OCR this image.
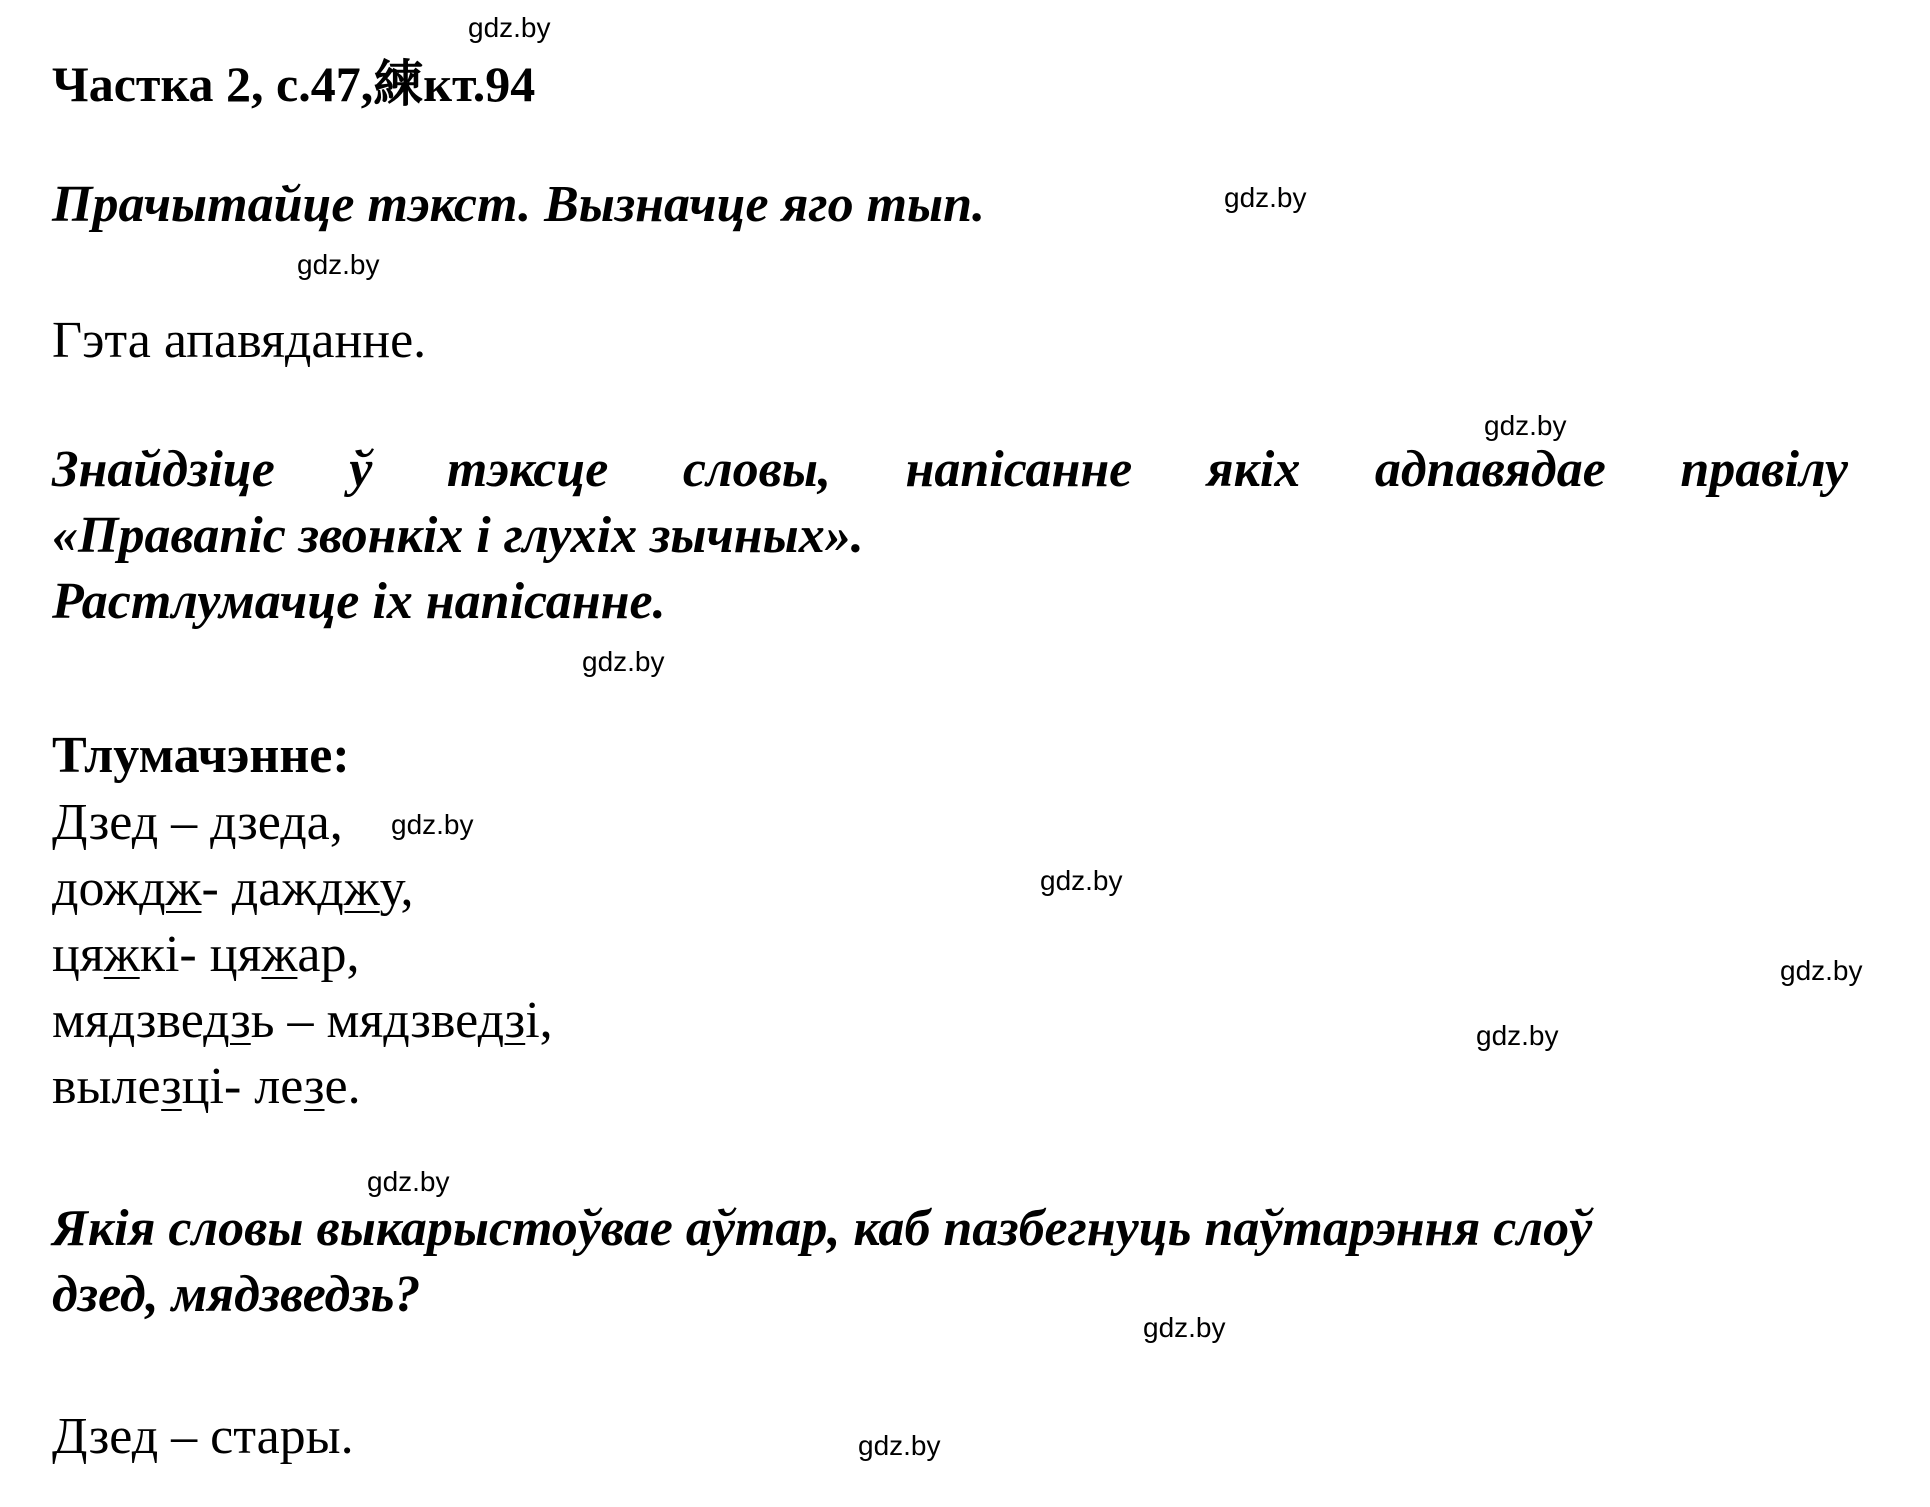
Частка 2, с.47,練кт.94
Прачытайце тэкст. Вызначце яго тып.
Гэта апавяданне.
Знайдзіце ў тэксце словы, напісанне якіх адпавядае правілу
«Правапіс звонкіх і глухіх зычных».
Растлумачце іх напісанне.
Тлумачэнне:
Дзед – дзеда,
дождж- дажджу,
цяжкі- цяжар,
мядзведзь – мядзведзі,
вылезці- лезе.
Якія словы выкарыстоўвае аўтар, каб пазбегнуць паўтарэння слоў
дзед, мядзведзь?
Дзед – стары.
gdz.by
gdz.by
gdz.by
gdz.by
gdz.by
gdz.by
gdz.by
gdz.by
gdz.by
gdz.by
gdz.by
gdz.by
